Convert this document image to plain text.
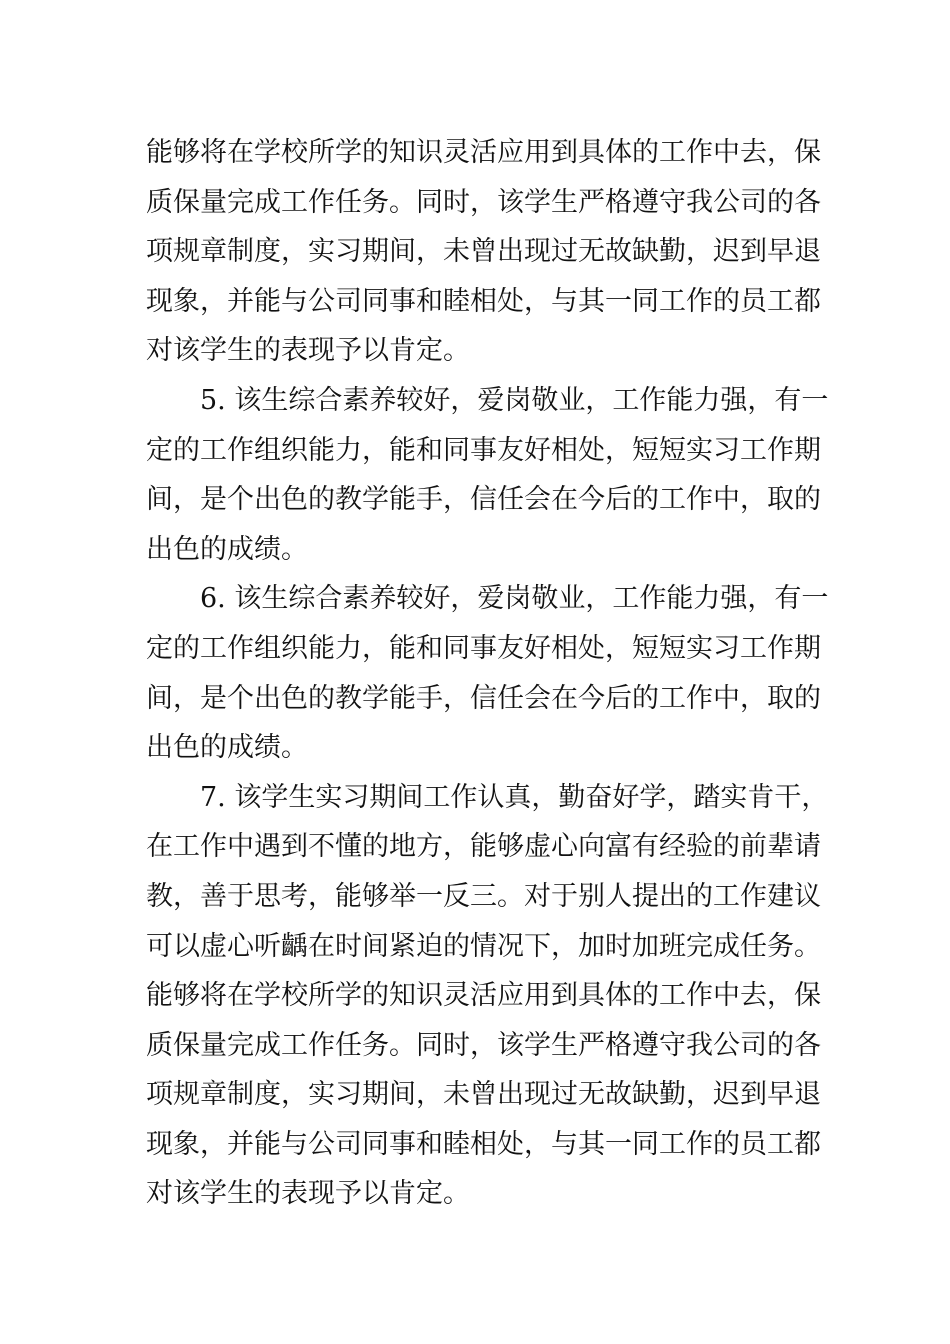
能够将在学校所学的知识灵活应用到具体的工作中去，保
质保量完成工作任务。同时，该学生严格遵守我公司的各
项规章制度，实习期间，未曾出现过无故缺勤，迟到早退
现象，并能与公司同事和睦相处，与其一同工作的员工都
对该学生的表现予以肯定。
5. 该生综合素养较好，爱岗敬业，工作能力强，有一
定的工作组织能力，能和同事友好相处，短短实习工作期
间，是个出色的教学能手，信任会在今后的工作中，取的
出色的成绩。
6. 该生综合素养较好，爱岗敬业，工作能力强，有一
定的工作组织能力，能和同事友好相处，短短实习工作期
间，是个出色的教学能手，信任会在今后的工作中，取的
出色的成绩。
7. 该学生实习期间工作认真，勤奋好学，踏实肯干，
在工作中遇到不懂的地方，能够虚心向富有经验的前辈请
教，善于思考，能够举一反三。对于别人提出的工作建议
可以虚心听齲在时间紧迫的情况下，加时加班完成任务。
能够将在学校所学的知识灵活应用到具体的工作中去，保
质保量完成工作任务。同时，该学生严格遵守我公司的各
项规章制度，实习期间，未曾出现过无故缺勤，迟到早退
现象，并能与公司同事和睦相处，与其一同工作的员工都
对该学生的表现予以肯定。
